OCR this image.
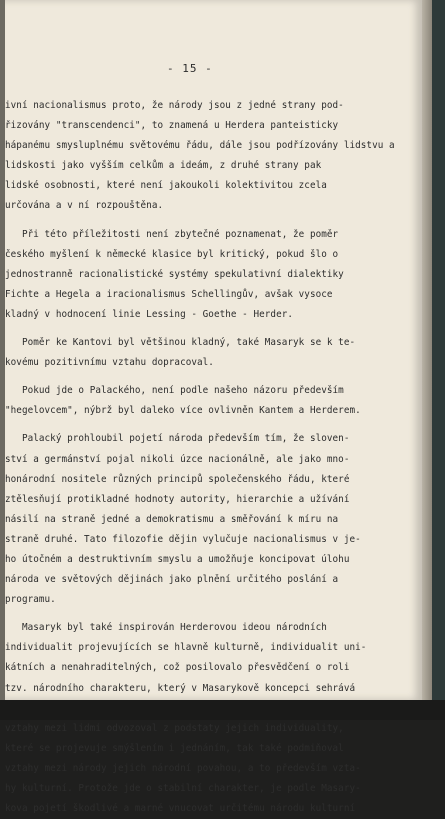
- 15 -
ivní nacionalismus proto, že národy jsou z jedné strany pod-
řizovány "transcendenci", to znamená u Herdera panteisticky
hápanému smysluplnému světovému řádu, dále jsou podřízovány lidstvu a
lidskosti jako vyšším celkům a ideám, z druhé strany pak
lidské osobnosti, které není jakoukoli kolektivitou zcela
určována a v ní rozpouštěna.
Při této příležitosti není zbytečné poznamenat, že poměr
českého myšlení k německé klasice byl kritický, pokud šlo o
jednostranně racionalistické systémy spekulativní dialektiky
Fichte a Hegela a iracionalismus Schellingův, avšak vysoce
kladný v hodnocení linie Lessing - Goethe - Herder.
Poměr ke Kantovi byl většinou kladný, také Masaryk se k te-
kovému pozitivnímu vztahu dopracoval.
Pokud jde o Palackého, není podle našeho názoru především
"hegelovcem", nýbrž byl daleko více ovlivněn Kantem a Herderem.
Palacký prohloubil pojetí národa především tím, že sloven-
ství a germánství pojal nikoli úzce nacionálně, ale jako mno-
honárodní nositele různých principů společenského řádu, které
ztělesňují protikladné hodnoty autority, hierarchie a užívání
násilí na straně jedné a demokratismu a směřování k míru na
straně druhé. Tato filozofie dějin vylučuje nacionalismus v je-
ho útočném a destruktivním smyslu a umožňuje koncipovat úlohu
národa ve světových dějinách jako plnění určitého poslání a
programu.
Masaryk byl také inspirován Herderovou ideou národních
individualit projevujících se hlavně kulturně, individualit uni-
kátních a nenahraditelných, což posilovalo přesvědčení o roli
tzv. národního charakteru, který v Masarykově koncepci sehrává
vztahy mezi lidmi odvozoval z podstaty jejich individuality,
které se projevuje smýšlením i jednáním, tak také podmiňoval
vztahy mezi národy jejich národní povahou, a to především vzta-
hy kulturní. Protože jde o stabilní charakter, je podle Masary-
kova pojetí škodlivé a marné vnucovat určitému národu kulturní
